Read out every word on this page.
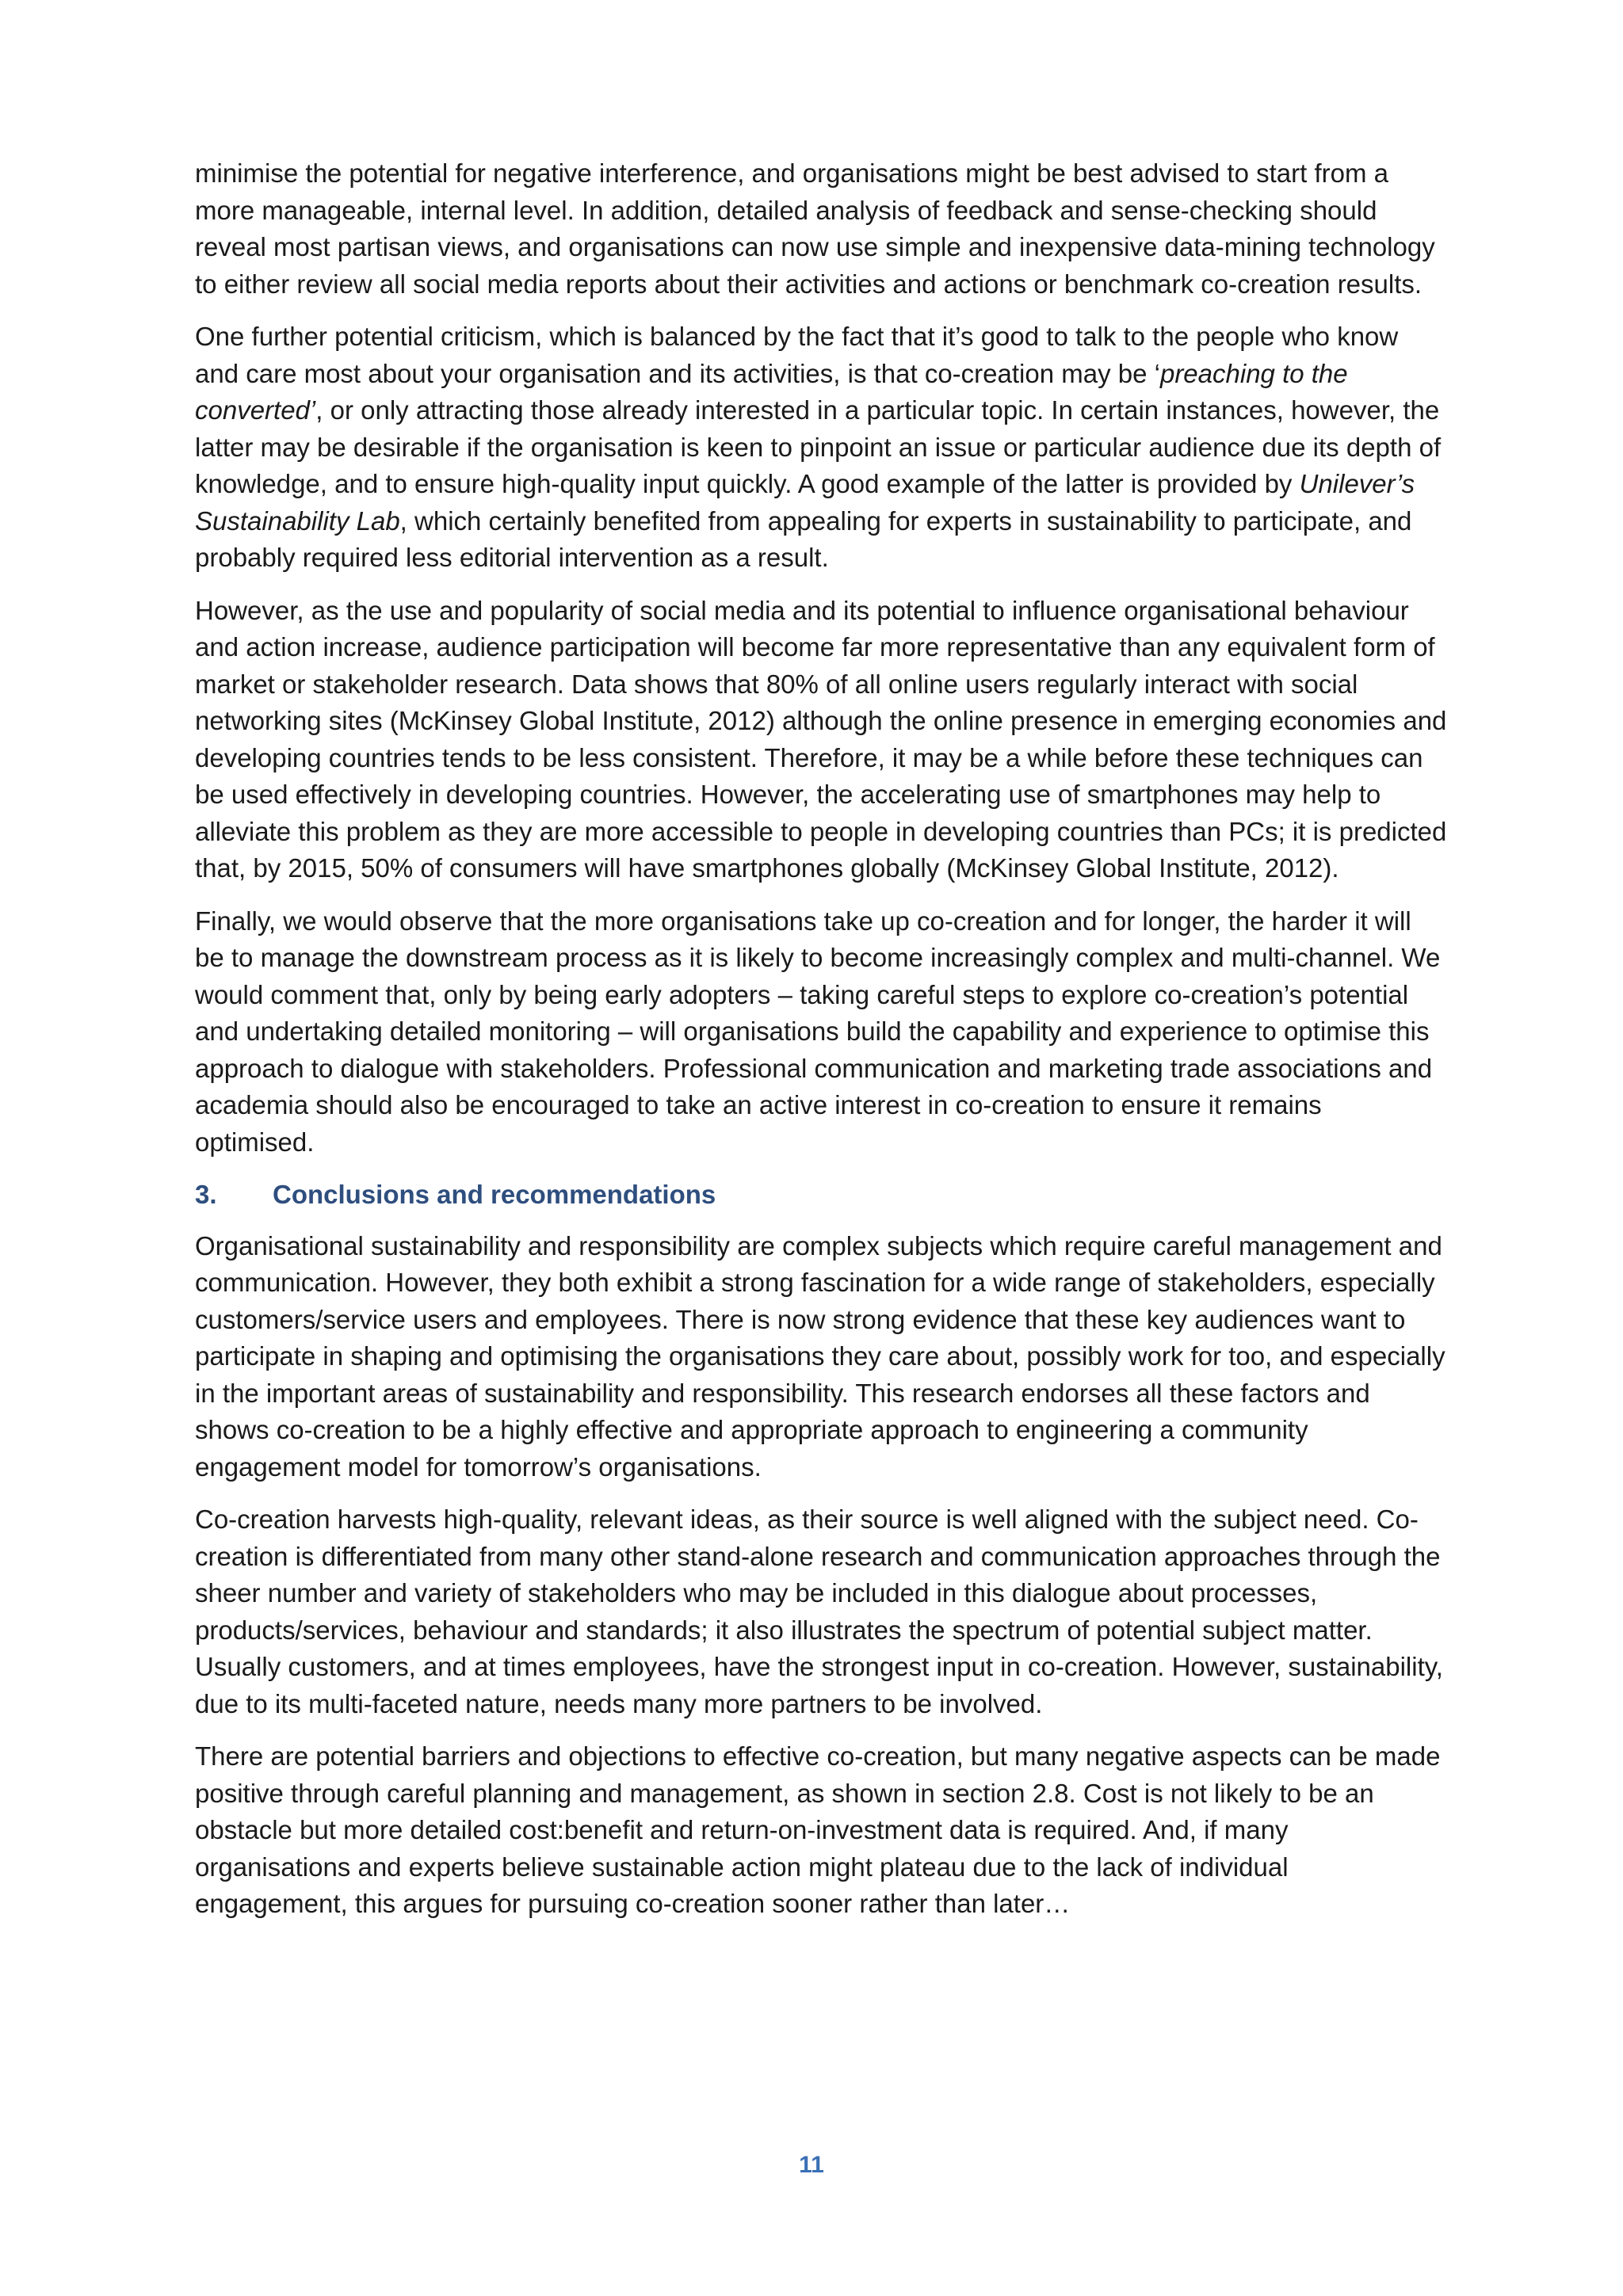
minimise the potential for negative interference, and organisations might be best advised to start from a more manageable, internal level. In addition, detailed analysis of feedback and sense-checking should reveal most partisan views, and organisations can now use simple and inexpensive data-mining technology to either review all social media reports about their activities and actions or benchmark co-creation results.

One further potential criticism, which is balanced by the fact that it’s good to talk to the people who know and care most about your organisation and its activities, is that co-creation may be ‘preaching to the converted’, or only attracting those already interested in a particular topic. In certain instances, however, the latter may be desirable if the organisation is keen to pinpoint an issue or particular audience due its depth of knowledge, and to ensure high-quality input quickly. A good example of the latter is provided by Unilever’s Sustainability Lab, which certainly benefited from appealing for experts in sustainability to participate, and probably required less editorial intervention as a result.

However, as the use and popularity of social media and its potential to influence organisational behaviour and action increase, audience participation will become far more representative than any equivalent form of market or stakeholder research. Data shows that 80% of all online users regularly interact with social networking sites (McKinsey Global Institute, 2012) although the online presence in emerging economies and developing countries tends to be less consistent. Therefore, it may be a while before these techniques can be used effectively in developing countries. However, the accelerating use of smartphones may help to alleviate this problem as they are more accessible to people in developing countries than PCs; it is predicted that, by 2015, 50% of consumers will have smartphones globally (McKinsey Global Institute, 2012).

Finally, we would observe that the more organisations take up co-creation and for longer, the harder it will be to manage the downstream process as it is likely to become increasingly complex and multi-channel. We would comment that, only by being early adopters – taking careful steps to explore co-creation’s potential and undertaking detailed monitoring – will organisations build the capability and experience to optimise this approach to dialogue with stakeholders. Professional communication and marketing trade associations and academia should also be encouraged to take an active interest in co-creation to ensure it remains optimised.

3. Conclusions and recommendations

Organisational sustainability and responsibility are complex subjects which require careful management and communication. However, they both exhibit a strong fascination for a wide range of stakeholders, especially customers/service users and employees. There is now strong evidence that these key audiences want to participate in shaping and optimising the organisations they care about, possibly work for too, and especially in the important areas of sustainability and responsibility. This research endorses all these factors and shows co-creation to be a highly effective and appropriate approach to engineering a community engagement model for tomorrow’s organisations.

Co-creation harvests high-quality, relevant ideas, as their source is well aligned with the subject need. Co-creation is differentiated from many other stand-alone research and communication approaches through the sheer number and variety of stakeholders who may be included in this dialogue about processes, products/services, behaviour and standards; it also illustrates the spectrum of potential subject matter. Usually customers, and at times employees, have the strongest input in co-creation. However, sustainability, due to its multi-faceted nature, needs many more partners to be involved.

There are potential barriers and objections to effective co-creation, but many negative aspects can be made positive through careful planning and management, as shown in section 2.8. Cost is not likely to be an obstacle but more detailed cost:benefit and return-on-investment data is required. And, if many organisations and experts believe sustainable action might plateau due to the lack of individual engagement, this argues for pursuing co-creation sooner rather than later…

11
